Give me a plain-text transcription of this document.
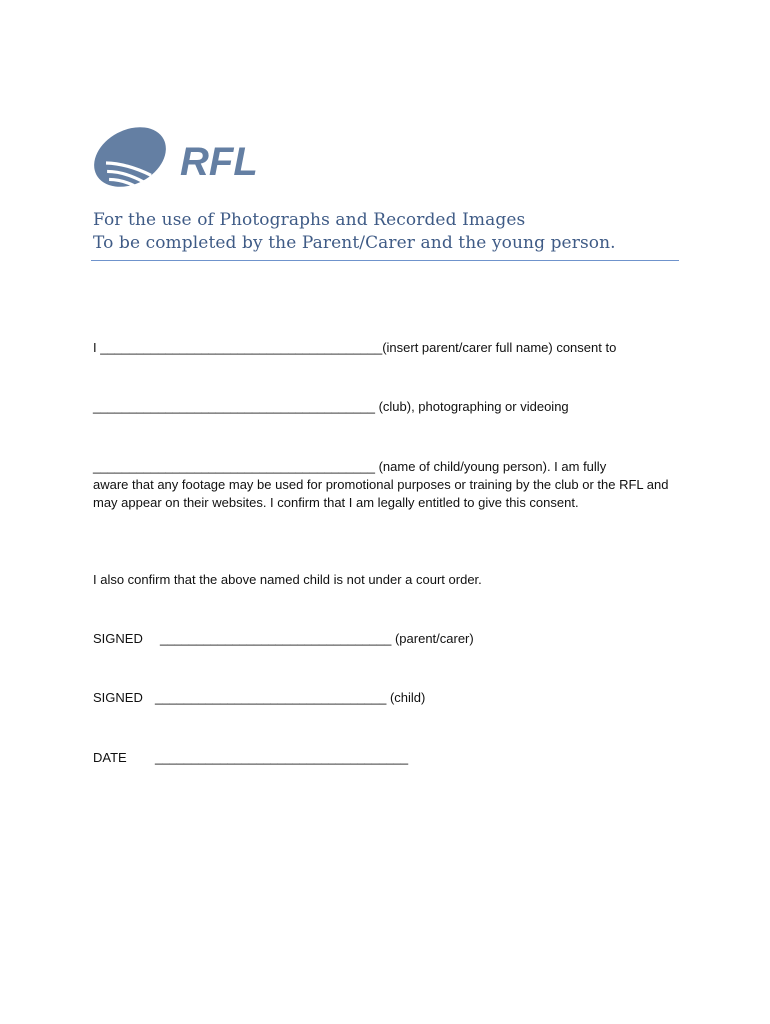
RFL
For the use of Photographs and Recorded Images
To be completed by the Parent/Carer and the young person.
I _______________________________________(insert parent/carer full name) consent to
_______________________________________ (club), photographing or videoing
_______________________________________ (name of child/young person). I am fully
aware that any footage may be used for promotional purposes or training by the club or the RFL and may appear on their websites. I confirm that I am legally entitled to give this consent.
I also confirm that the above named child is not under a court order.
SIGNED ________________________________ (parent/carer)
SIGNED ________________________________ (child)
DATE ___________________________________
